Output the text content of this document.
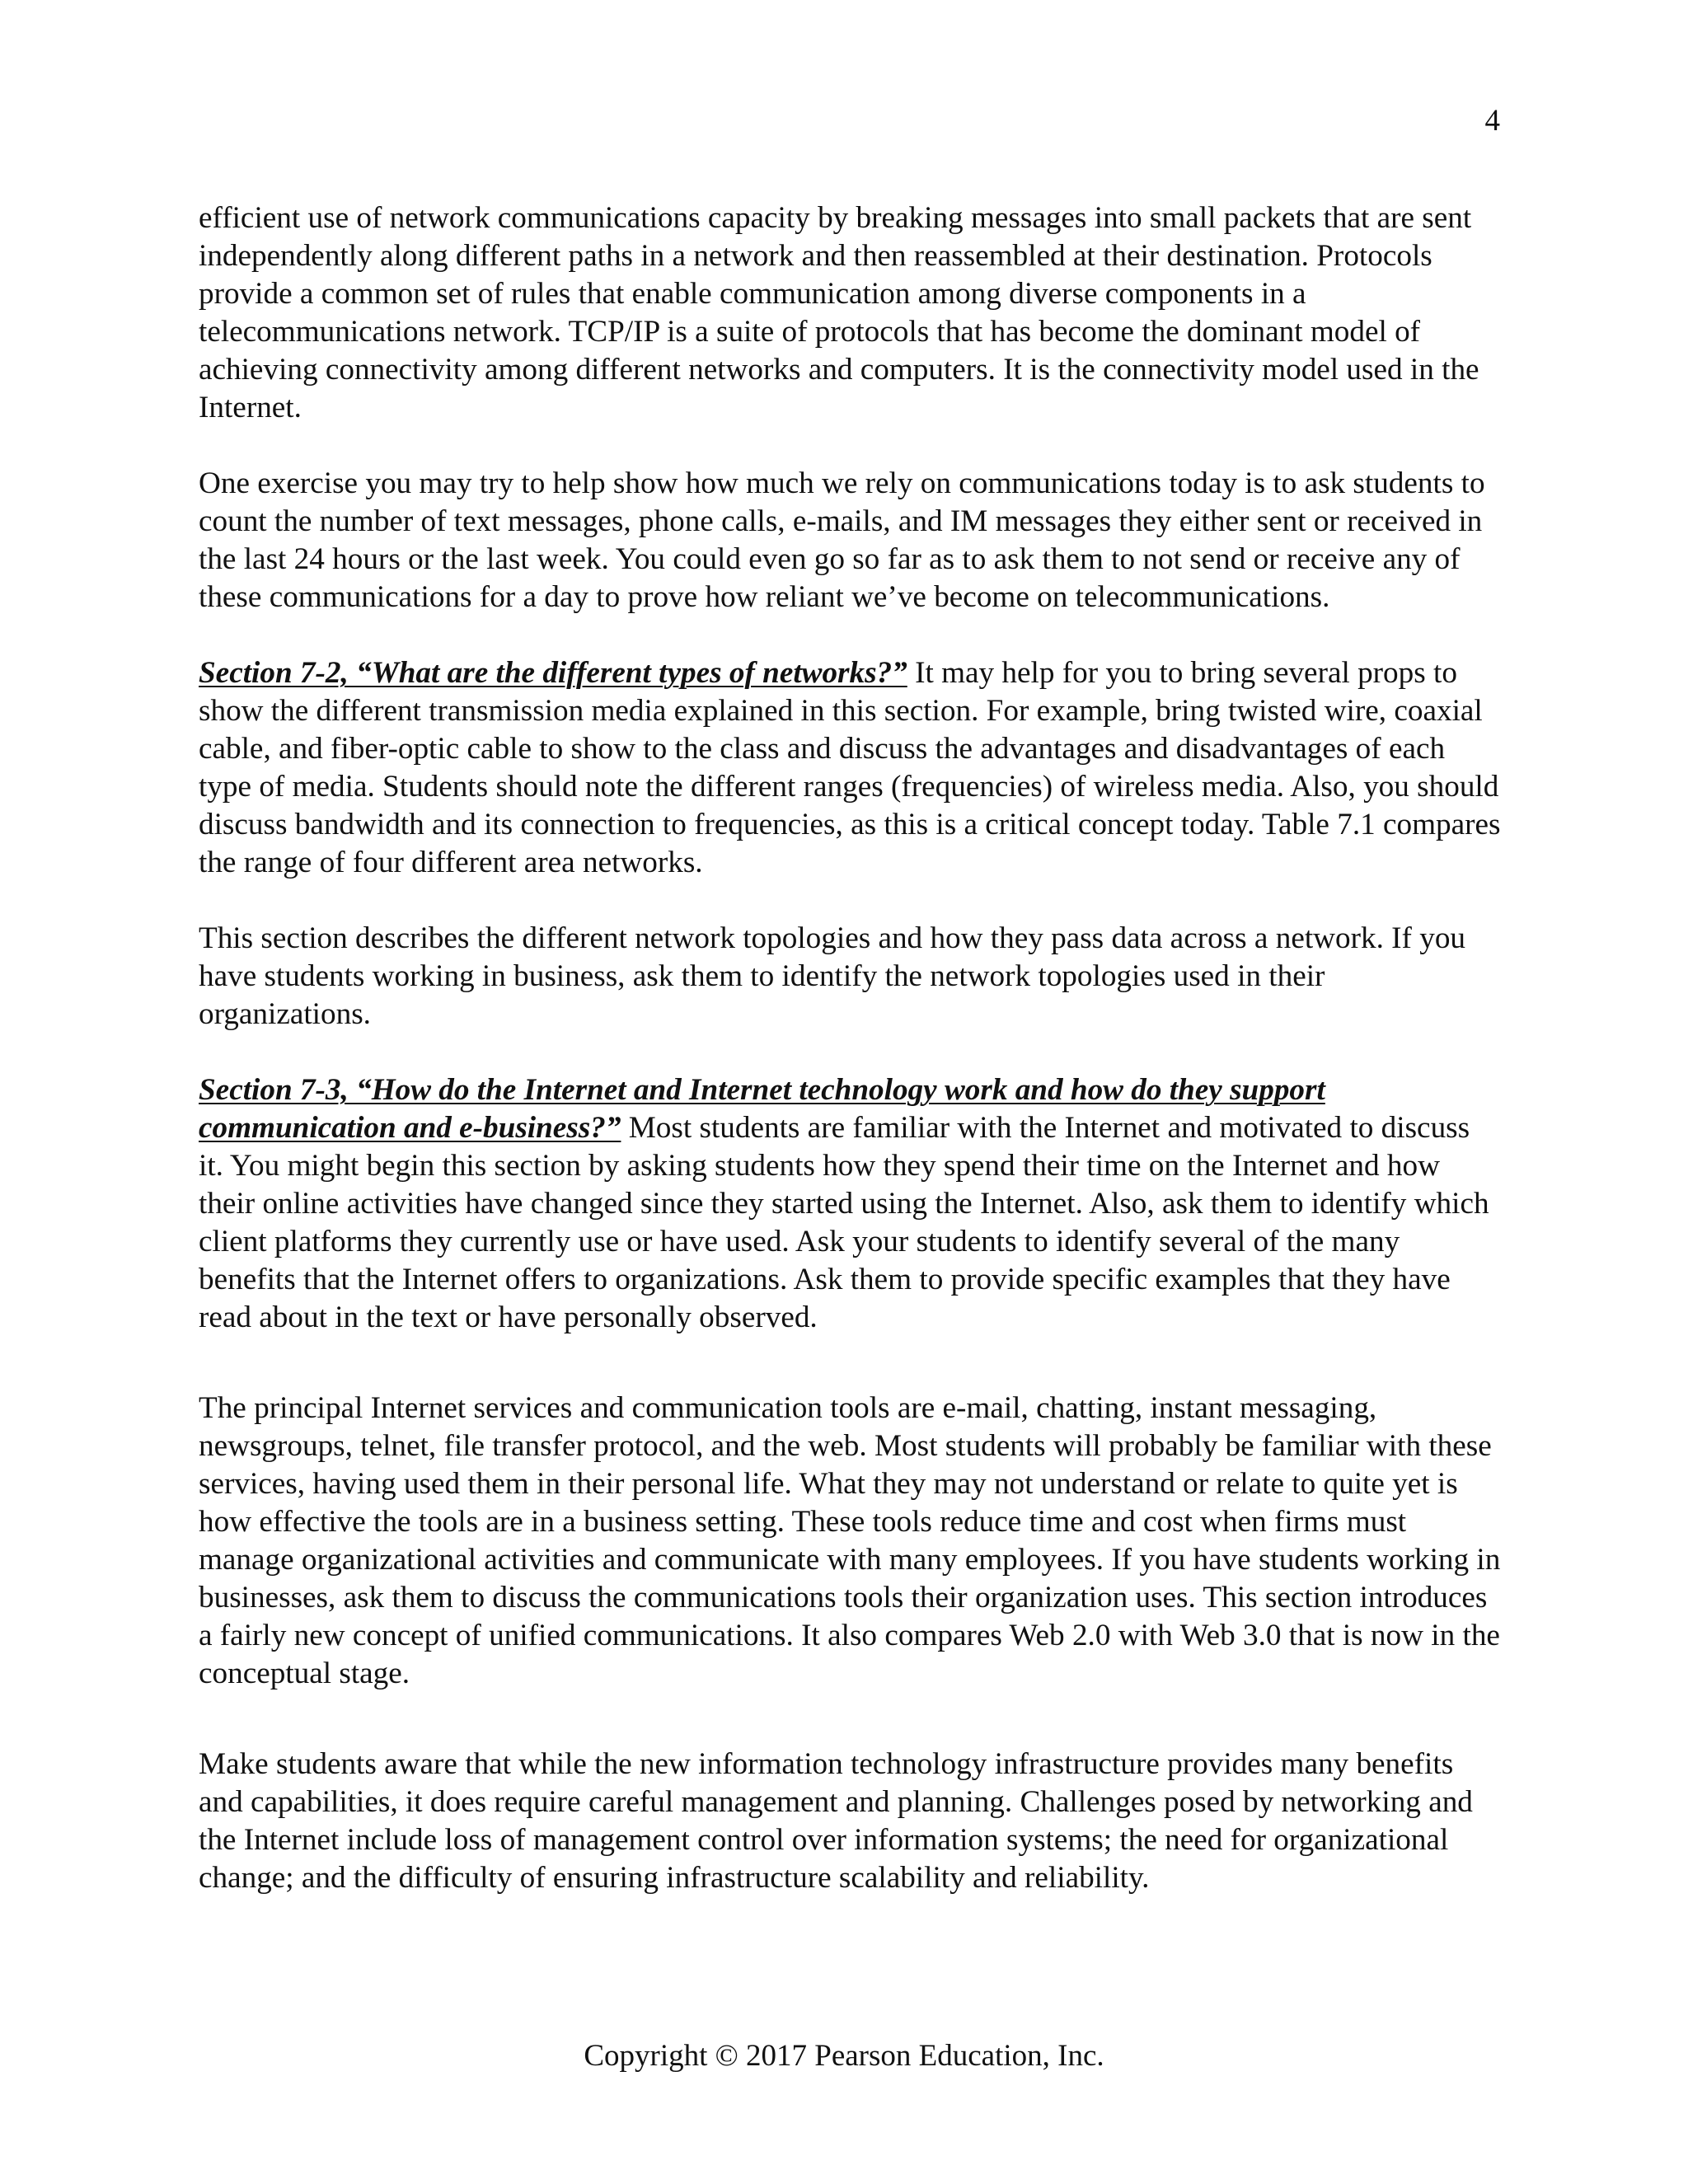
4

efficient use of network communications capacity by breaking messages into small packets that are sent independently along different paths in a network and then reassembled at their destination. Protocols provide a common set of rules that enable communication among diverse components in a telecommunications network. TCP/IP is a suite of protocols that has become the dominant model of achieving connectivity among different networks and computers. It is the connectivity model used in the Internet.

One exercise you may try to help show how much we rely on communications today is to ask students to count the number of text messages, phone calls, e-mails, and IM messages they either sent or received in the last 24 hours or the last week. You could even go so far as to ask them to not send or receive any of these communications for a day to prove how reliant we’ve become on telecommunications.

Section 7-2, “What are the different types of networks?” It may help for you to bring several props to show the different transmission media explained in this section. For example, bring twisted wire, coaxial cable, and fiber-optic cable to show to the class and discuss the advantages and disadvantages of each type of media. Students should note the different ranges (frequencies) of wireless media. Also, you should discuss bandwidth and its connection to frequencies, as this is a critical concept today. Table 7.1 compares the range of four different area networks.

This section describes the different network topologies and how they pass data across a network. If you have students working in business, ask them to identify the network topologies used in their organizations.

Section 7-3, “How do the Internet and Internet technology work and how do they support communication and e-business?” Most students are familiar with the Internet and motivated to discuss it. You might begin this section by asking students how they spend their time on the Internet and how their online activities have changed since they started using the Internet. Also, ask them to identify which client platforms they currently use or have used. Ask your students to identify several of the many benefits that the Internet offers to organizations. Ask them to provide specific examples that they have read about in the text or have personally observed.

The principal Internet services and communication tools are e-mail, chatting, instant messaging, newsgroups, telnet, file transfer protocol, and the web. Most students will probably be familiar with these services, having used them in their personal life. What they may not understand or relate to quite yet is how effective the tools are in a business setting. These tools reduce time and cost when firms must manage organizational activities and communicate with many employees. If you have students working in businesses, ask them to discuss the communications tools their organization uses. This section introduces a fairly new concept of unified communications. It also compares Web 2.0 with Web 3.0 that is now in the conceptual stage.

Make students aware that while the new information technology infrastructure provides many benefits and capabilities, it does require careful management and planning. Challenges posed by networking and the Internet include loss of management control over information systems; the need for organizational change; and the difficulty of ensuring infrastructure scalability and reliability.

Copyright © 2017 Pearson Education, Inc.
